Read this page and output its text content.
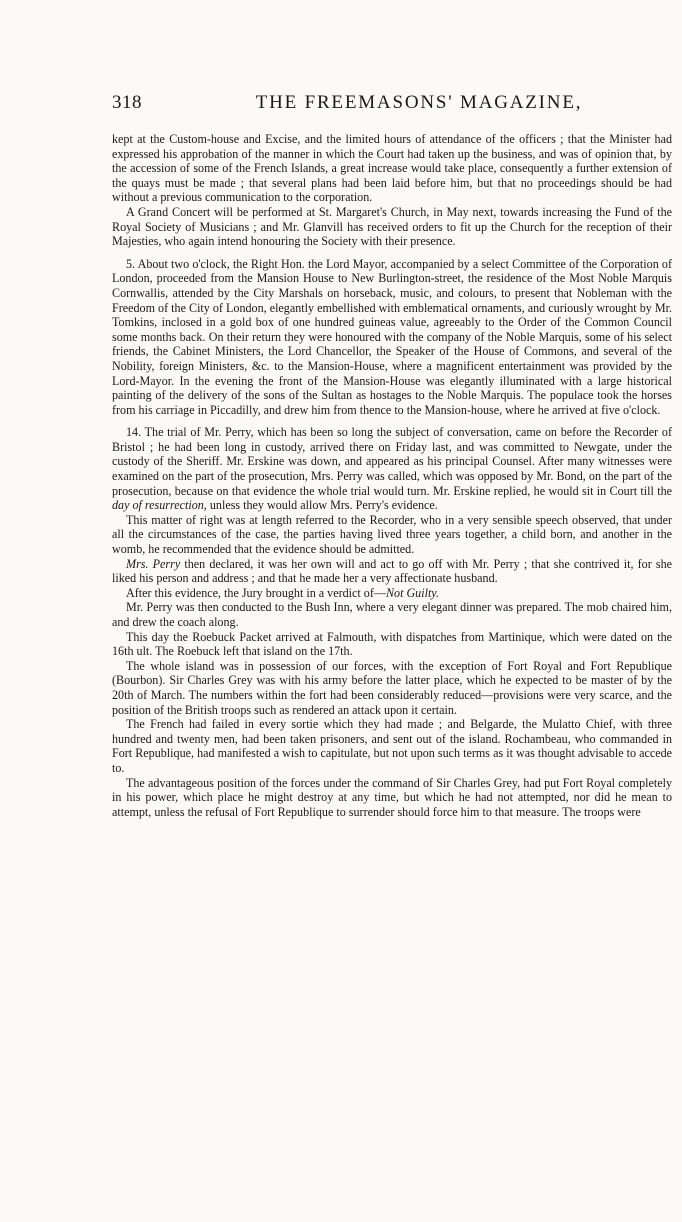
318	THE FREEMASONS' MAGAZINE,

kept at the Custom-house and Excise, and the limited hours of attendance of the officers ; that the Minister had expressed his approbation of the manner in which the Court had taken up the business, and was of opinion that, by the accession of some of the French Islands, a great increase would take place, consequently a further extension of the quays must be made ; that several plans had been laid before him, but that no proceedings should be had without a previous communication to the corporation.

A Grand Concert will be performed at St. Margaret's Church, in May next, towards increasing the Fund of the Royal Society of Musicians ; and Mr. Glanvill has received orders to fit up the Church for the reception of their Majesties, who again intend honouring the Society with their presence.

5. About two o'clock, the Right Hon. the Lord Mayor, accompanied by a select Committee of the Corporation of London, proceeded from the Mansion House to New Burlington-street, the residence of the Most Noble Marquis Cornwallis, attended by the City Marshals on horseback, music, and colours, to present that Nobleman with the Freedom of the City of London, elegantly embellished with emblematical ornaments, and curiously wrought by Mr. Tomkins, inclosed in a gold box of one hundred guineas value, agreeably to the Order of the Common Council some months back. On their return they were honoured with the company of the Noble Marquis, some of his select friends, the Cabinet Ministers, the Lord Chancellor, the Speaker of the House of Commons, and several of the Nobility, foreign Ministers, &c. to the Mansion-House, where a magnificent entertainment was provided by the Lord-Mayor. In the evening the front of the Mansion-House was elegantly illuminated with a large historical painting of the delivery of the sons of the Sultan as hostages to the Noble Marquis. The populace took the horses from his carriage in Piccadilly, and drew him from thence to the Mansion-house, where he arrived at five o'clock.

14. The trial of Mr. Perry, which has been so long the subject of conversation, came on before the Recorder of Bristol ; he had been long in custody, arrived there on Friday last, and was committed to Newgate, under the custody of the Sheriff. Mr. Erskine was down, and appeared as his principal Counsel. After many witnesses were examined on the part of the prosecution, Mrs. Perry was called, which was opposed by Mr. Bond, on the part of the prosecution, because on that evidence the whole trial would turn. Mr. Erskine replied, he would sit in Court till the day of resurrection, unless they would allow Mrs. Perry's evidence.

This matter of right was at length referred to the Recorder, who in a very sensible speech observed, that under all the circumstances of the case, the parties having lived three years together, a child born, and another in the womb, he recommended that the evidence should be admitted.

Mrs. Perry then declared, it was her own will and act to go off with Mr. Perry ; that she contrived it, for she liked his person and address ; and that he made her a very affectionate husband.

After this evidence, the Jury brought in a verdict of—Not Guilty.

Mr. Perry was then conducted to the Bush Inn, where a very elegant dinner was prepared. The mob chaired him, and drew the coach along.

This day the Roebuck Packet arrived at Falmouth, with dispatches from Martinique, which were dated on the 16th ult. The Roebuck left that island on the 17th.

The whole island was in possession of our forces, with the exception of Fort Royal and Fort Republique (Bourbon). Sir Charles Grey was with his army before the latter place, which he expected to be master of by the 20th of March. The numbers within the fort had been considerably reduced—provisions were very scarce, and the position of the British troops such as rendered an attack upon it certain.

The French had failed in every sortie which they had made ; and Belgarde, the Mulatto Chief, with three hundred and twenty men, had been taken prisoners, and sent out of the island. Rochambeau, who commanded in Fort Republique, had manifested a wish to capitulate, but not upon such terms as it was thought advisable to accede to.

The advantageous position of the forces under the command of Sir Charles Grey, had put Fort Royal completely in his power, which place he might destroy at any time, but which he had not attempted, nor did he mean to attempt, unless the refusal of Fort Republique to surrender should force him to that measure. The troops were
